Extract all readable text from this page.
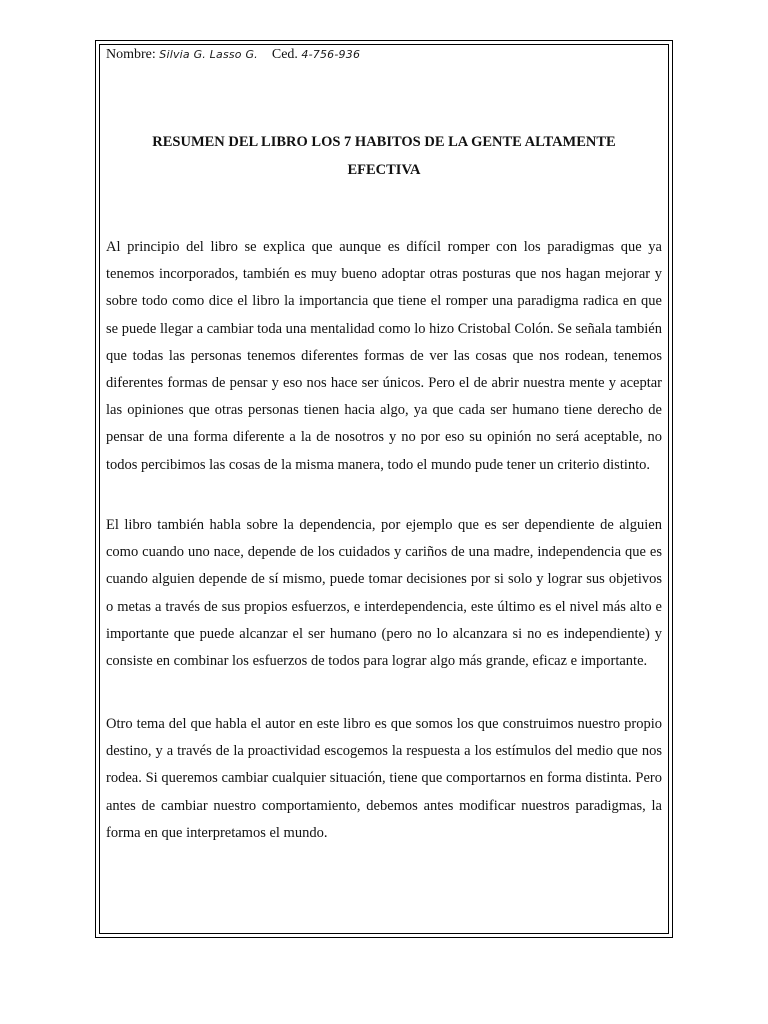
Nombre: Silvia G. Lasso G. Ced. 4-756-936
RESUMEN DEL LIBRO LOS 7 HABITOS DE LA GENTE ALTAMENTE
EFECTIVA

Al principio del libro se explica que aunque es difícil romper con los paradigmas que ya tenemos incorporados, también es muy bueno adoptar otras posturas que nos hagan mejorar y sobre todo como dice el libro la importancia que tiene el romper una paradigma radica en que se puede llegar a cambiar toda una mentalidad como lo hizo Cristobal Colón. Se señala también que todas las personas tenemos diferentes formas de ver las cosas que nos rodean, tenemos diferentes formas de pensar y eso nos hace ser únicos. Pero el de abrir nuestra mente y aceptar las opiniones que otras personas tienen hacia algo, ya que cada ser humano tiene derecho de pensar de una forma diferente a la de nosotros y no por eso su opinión no será aceptable, no todos percibimos las cosas de la misma manera, todo el mundo pude tener un criterio distinto.

El libro también habla sobre la dependencia, por ejemplo que es ser dependiente de alguien como cuando uno nace, depende de los cuidados y cariños de una madre, independencia que es cuando alguien depende de sí mismo, puede tomar decisiones por si solo y lograr sus objetivos o metas a través de sus propios esfuerzos, e interdependencia, este último es el nivel más alto e importante que puede alcanzar el ser humano (pero no lo alcanzara si no es independiente) y consiste en combinar los esfuerzos de todos para lograr algo más grande, eficaz e importante.

Otro tema del que habla el autor en este libro es que somos los que construimos nuestro propio destino, y a través de la proactividad escogemos la respuesta a los estímulos del medio que nos rodea. Si queremos cambiar cualquier situación, tiene que comportarnos en forma distinta. Pero antes de cambiar nuestro comportamiento, debemos antes modificar nuestros paradigmas, la forma en que interpretamos el mundo.
